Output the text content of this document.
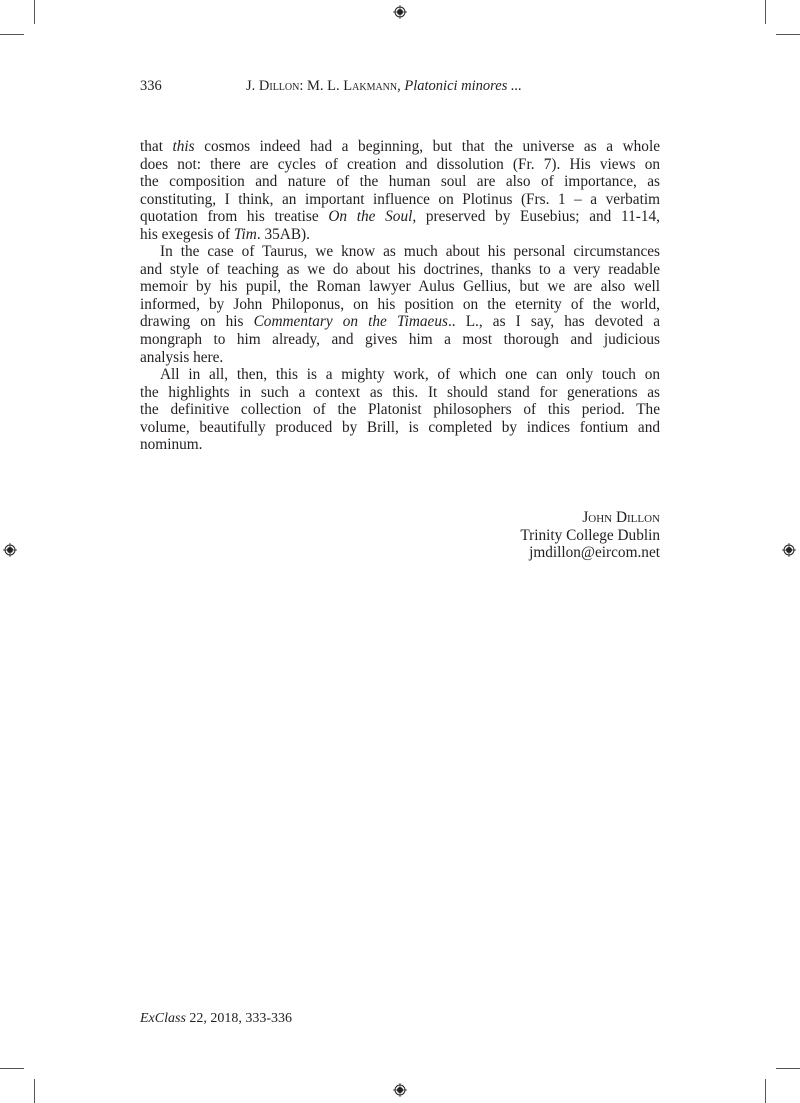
336	J. Dillon: M. L. Lakmann, Platonici minores ...
that this cosmos indeed had a beginning, but that the universe as a whole
does not: there are cycles of creation and dissolution (Fr. 7). His views on
the composition and nature of the human soul are also of importance, as
constituting, I think, an important influence on Plotinus (Frs. 1 – a verbatim
quotation from his treatise On the Soul, preserved by Eusebius; and 11-14,
his exegesis of Tim. 35AB).
In the case of Taurus, we know as much about his personal circumstances
and style of teaching as we do about his doctrines, thanks to a very readable
memoir by his pupil, the Roman lawyer Aulus Gellius, but we are also well
informed, by John Philoponus, on his position on the eternity of the world,
drawing on his Commentary on the Timaeus.. L., as I say, has devoted a
mongraph to him already, and gives him a most thorough and judicious
analysis here.
All in all, then, this is a mighty work, of which one can only touch on
the highlights in such a context as this. It should stand for generations as
the definitive collection of the Platonist philosophers of this period. The
volume, beautifully produced by Brill, is completed by indices fontium and
nominum.
John Dillon
Trinity College Dublin
jmdillon@eircom.net
ExClass 22, 2018, 333-336
